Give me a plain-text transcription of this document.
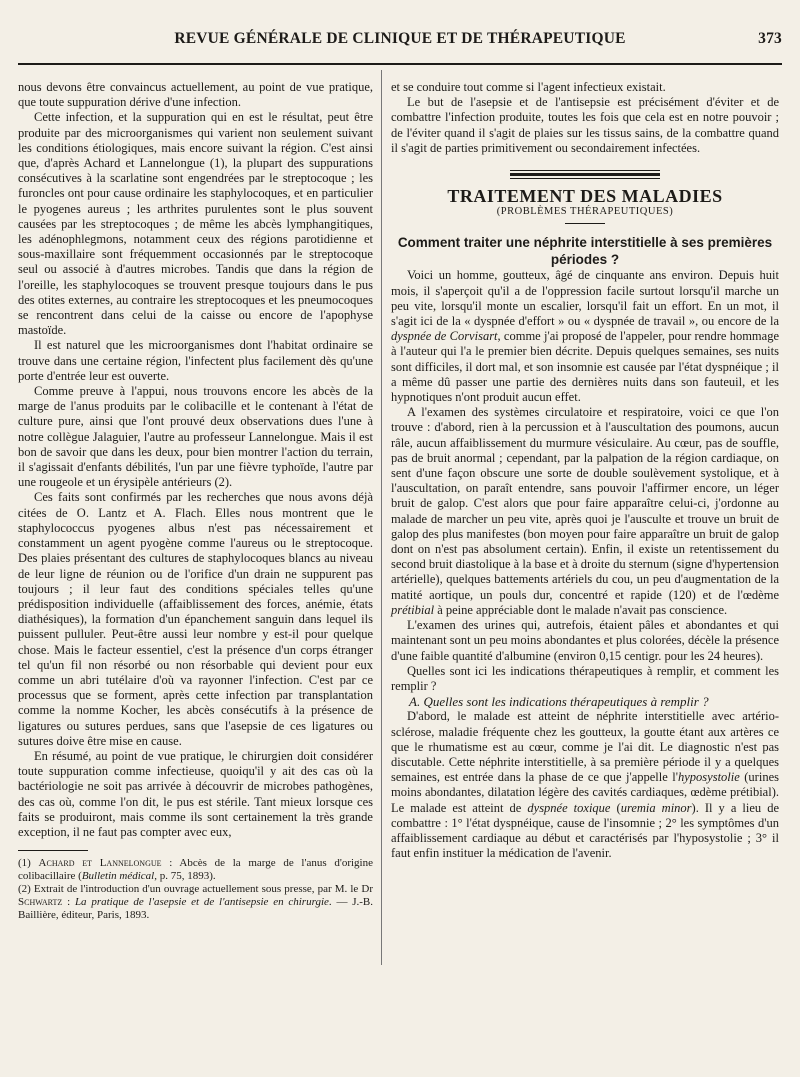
REVUE GÉNÉRALE DE CLINIQUE ET DE THÉRAPEUTIQUE	373

nous devons être convaincus actuellement, au point de vue pratique, que toute suppuration dérive d'une infection.

Cette infection, et la suppuration qui en est le résultat, peut être produite par des microorganismes qui varient non seulement suivant les conditions étiologiques, mais encore suivant la région. C'est ainsi que, d'après Achard et Lannelongue (1), la plupart des suppurations consécutives à la scarlatine sont engendrées par le streptocoque ; les furoncles ont pour cause ordinaire les staphylocoques, et en particulier le pyogenes aureus ; les arthrites purulentes sont le plus souvent causées par les streptocoques ; de même les abcès lymphangitiques, les adénophlegmons, notamment ceux des régions parotidienne et sous-maxillaire sont fréquemment occasionnés par le streptocoque seul ou associé à d'autres microbes. Tandis que dans la région de l'oreille, les staphylocoques se trouvent presque toujours dans le pus des otites externes, au contraire les streptocoques et les pneumocoques se rencontrent dans celui de la caisse ou encore de l'apophyse mastoïde.

Il est naturel que les microorganismes dont l'habitat ordinaire se trouve dans une certaine région, l'infectent plus facilement dès qu'une porte d'entrée leur est ouverte.

Comme preuve à l'appui, nous trouvons encore les abcès de la marge de l'anus produits par le colibacille et le contenant à l'état de culture pure, ainsi que l'ont prouvé deux observations dues l'une à notre collègue Jalaguier, l'autre au professeur Lannelongue. Mais il est bon de savoir que dans les deux, pour bien montrer l'action du terrain, il s'agissait d'enfants débilités, l'un par une fièvre typhoïde, l'autre par une rougeole et un érysipèle antérieurs (2).

Ces faits sont confirmés par les recherches que nous avons déjà citées de O. Lantz et A. Flach. Elles nous montrent que le staphylococcus pyogenes albus n'est pas nécessairement et constamment un agent pyogène comme l'aureus ou le streptocoque. Des plaies présentant des cultures de staphylocoques blancs au niveau de leur ligne de réunion ou de l'orifice d'un drain ne suppurent pas toujours ; il leur faut des conditions spéciales telles qu'une prédisposition individuelle (affaiblissement des forces, anémie, états diathésiques), la formation d'un épanchement sanguin dans lequel ils puissent pulluler. Peut-être aussi leur nombre y est-il pour quelque chose. Mais le facteur essentiel, c'est la présence d'un corps étranger tel qu'un fil non résorbé ou non résorbable qui devient pour eux comme un abri tutélaire d'où va rayonner l'infection. C'est par ce processus que se forment, après cette infection par transplantation comme la nomme Kocher, les abcès consécutifs à la présence de ligatures ou sutures perdues, sans que l'asepsie de ces ligatures ou sutures doive être mise en cause.

En résumé, au point de vue pratique, le chirurgien doit considérer toute suppuration comme infectieuse, quoiqu'il y ait des cas où la bactériologie ne soit pas arrivée à découvrir de microbes pathogènes, des cas où, comme l'on dit, le pus est stérile. Tant mieux lorsque ces faits se produiront, mais comme ils sont certainement la très grande exception, il ne faut pas compter avec eux,

(1) Achard et Lannelongue : Abcès de la marge de l'anus d'origine colibacillaire (Bulletin médical, p. 75, 1893).

(2) Extrait de l'introduction d'un ouvrage actuellement sous presse, par M. le Dr Schwartz : La pratique de l'asepsie et de l'antisepsie en chirurgie. — J.-B. Baillière, éditeur, Paris, 1893.

et se conduire tout comme si l'agent infectieux existait.

Le but de l'asepsie et de l'antisepsie est précisément d'éviter et de combattre l'infection produite, toutes les fois que cela est en notre pouvoir ; de l'éviter quand il s'agit de plaies sur les tissus sains, de la combattre quand il s'agit de parties primitivement ou secondairement infectées.

TRAITEMENT DES MALADIES

(PROBLÈMES THÉRAPEUTIQUES)

Comment traiter une néphrite interstitielle à ses premières périodes ?

Voici un homme, goutteux, âgé de cinquante ans environ. Depuis huit mois, il s'aperçoit qu'il a de l'oppression facile surtout lorsqu'il marche un peu vite, lorsqu'il monte un escalier, lorsqu'il fait un effort. En un mot, il s'agit ici de la « dyspnée d'effort » ou « dyspnée de travail », ou encore de la dyspnée de Corvisart, comme j'ai proposé de l'appeler, pour rendre hommage à l'auteur qui l'a le premier bien décrite. Depuis quelques semaines, ses nuits sont difficiles, il dort mal, et son insomnie est causée par l'état dyspnéique ; il a même dû passer une partie des dernières nuits dans son fauteuil, et les hypnotiques n'ont produit aucun effet.

A l'examen des systèmes circulatoire et respiratoire, voici ce que l'on trouve : d'abord, rien à la percussion et à l'auscultation des poumons, aucun râle, aucun affaiblissement du murmure vésiculaire. Au cœur, pas de souffle, pas de bruit anormal ; cependant, par la palpation de la région cardiaque, on sent d'une façon obscure une sorte de double soulèvement systolique, et à l'auscultation, on paraît entendre, sans pouvoir l'affirmer encore, un léger bruit de galop. C'est alors que pour faire apparaître celui-ci, j'ordonne au malade de marcher un peu vite, après quoi je l'ausculte et trouve un bruit de galop des plus manifestes (bon moyen pour faire apparaître un bruit de galop dont on n'est pas absolument certain). Enfin, il existe un retentissement du second bruit diastolique à la base et à droite du sternum (signe d'hypertension artérielle), quelques battements artériels du cou, un peu d'augmentation de la matité aortique, un pouls dur, concentré et rapide (120) et de l'œdème prétibial à peine appréciable dont le malade n'avait pas conscience.

L'examen des urines qui, autrefois, étaient pâles et abondantes et qui maintenant sont un peu moins abondantes et plus colorées, décèle la présence d'une faible quantité d'albumine (environ 0,15 centigr. pour les 24 heures).

Quelles sont ici les indications thérapeutiques à remplir, et comment les remplir ?

A. Quelles sont les indications thérapeutiques à remplir ?

D'abord, le malade est atteint de néphrite interstitielle avec artério-sclérose, maladie fréquente chez les goutteux, la goutte étant aux artères ce que le rhumatisme est au cœur, comme je l'ai dit. Le diagnostic n'est pas discutable. Cette néphrite interstitielle, à sa première période il y a quelques semaines, est entrée dans la phase de ce que j'appelle l'hyposystolie (urines moins abondantes, dilatation légère des cavités cardiaques, œdème prétibial). Le malade est atteint de dyspnée toxique (uremia minor). Il y a lieu de combattre : 1° l'état dyspnéique, cause de l'insomnie ; 2° les symptômes d'un affaiblissement cardiaque au début et caractérisés par l'hyposystolie ; 3° il faut enfin instituer la médication de l'avenir.
